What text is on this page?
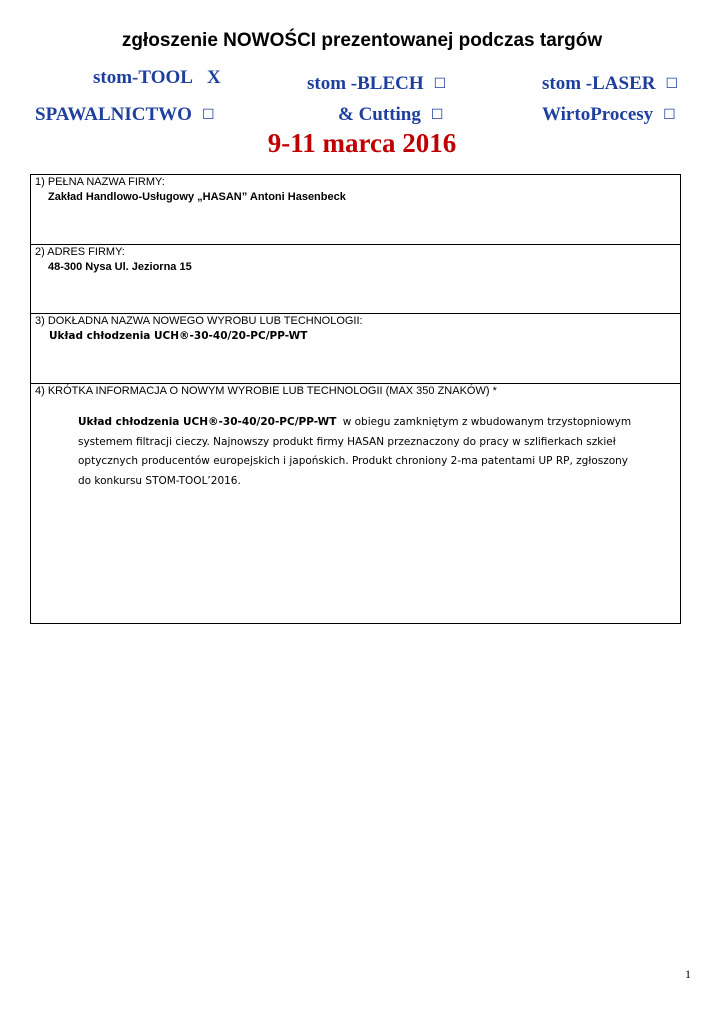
zgłoszenie NOWOŚCI prezentowanej podczas targów
stom-TOOL X	stom -BLECH ☐	stom -LASER ☐
SPAWALNICTWO ☐	& Cutting ☐	WirtoProcesy ☐
9-11 marca 2016
1) PEŁNA NAZWA FIRMY:
Zakład Handlowo-Usługowy „HASAN” Antoni Hasenbeck
2) ADRES FIRMY:
48-300 Nysa Ul. Jeziorna 15
3) DOKŁADNA NAZWA NOWEGO WYROBU LUB TECHNOLOGII:
Układ chłodzenia UCH®-30-40/20-PC/PP-WT
4) KRÓTKA INFORMACJA O NOWYM WYROBIE LUB TECHNOLOGII (MAX 350 ZNAKÓW) *
Układ chłodzenia UCH®-30-40/20-PC/PP-WT w obiegu zamkniętym z wbudowanym trzystopniowym systemem filtracji cieczy. Najnowszy produkt firmy HASAN przeznaczony do pracy w szlifierkach szkieł optycznych producentów europejskich i japońskich. Produkt chroniony 2-ma patentami UP RP, zgłoszony do konkursu STOM-TOOL’2016.
1
